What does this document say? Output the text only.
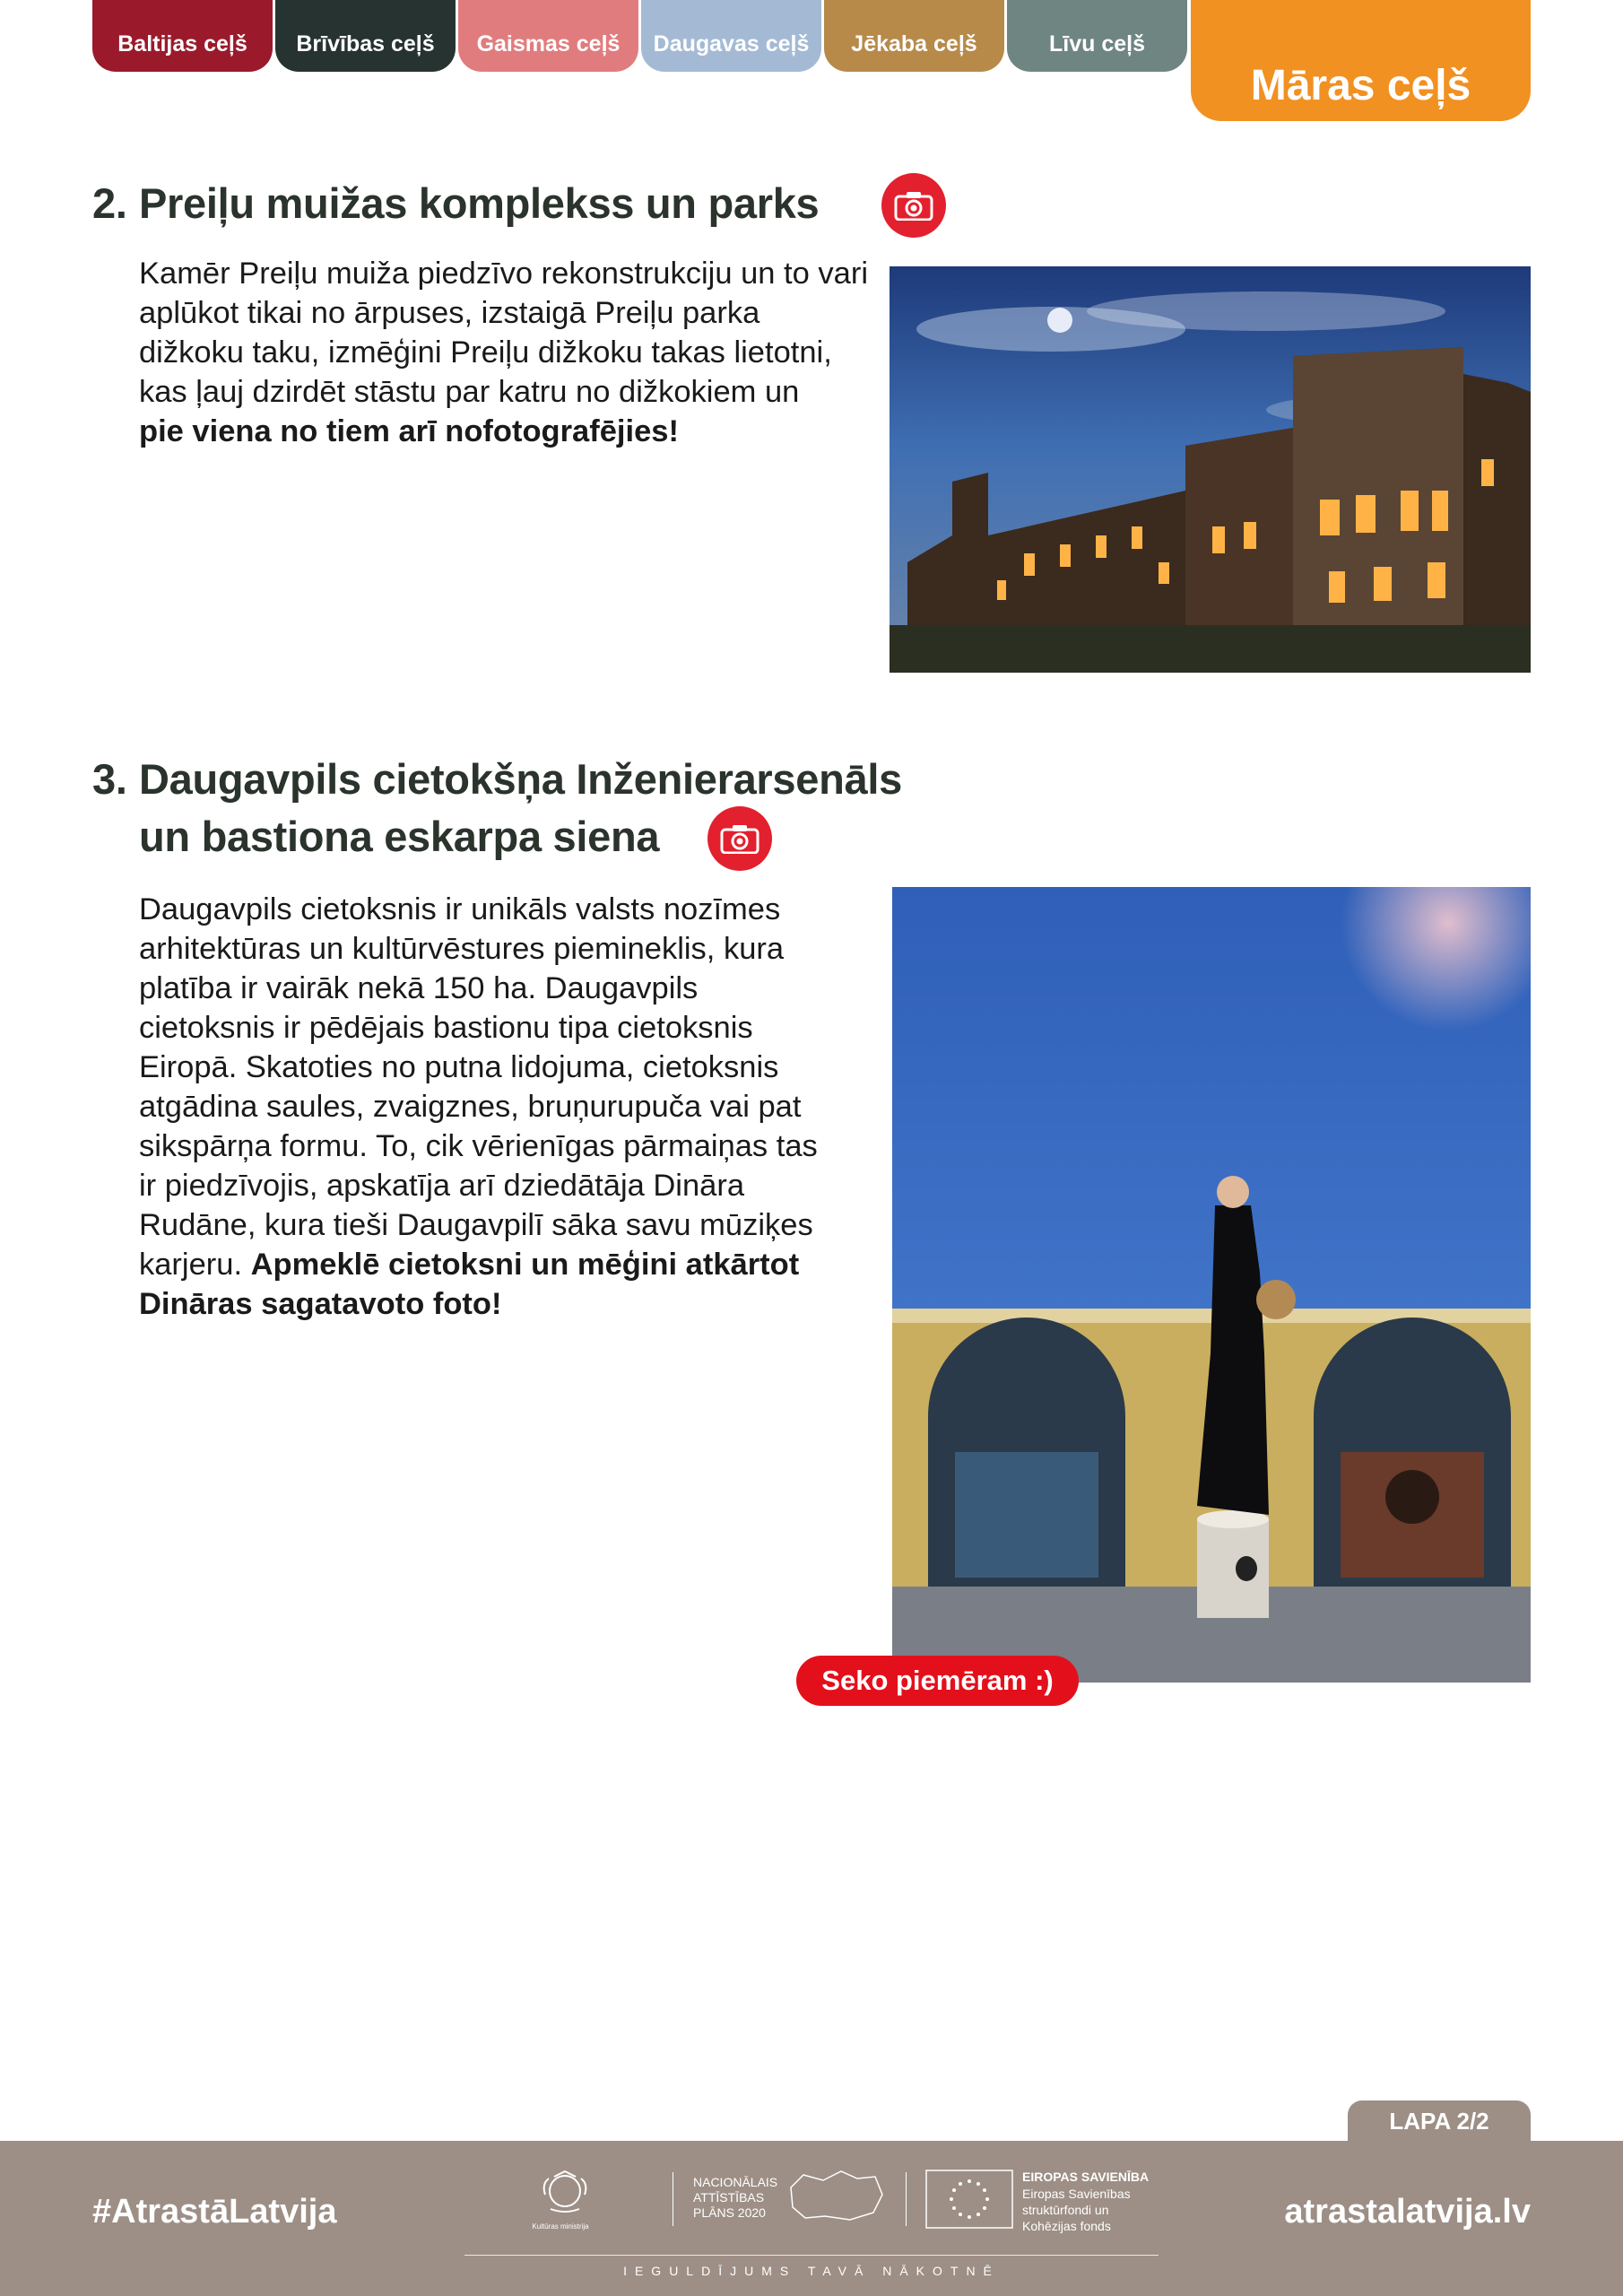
Baltijas ceļš Brīvības ceļš Gaismas ceļš Daugavas ceļš Jēkaba ceļš	Līvu ceļš
Māras ceļš
2. Preiļu muižas komplekss un parks

Kamēr Preiļu muiža piedzīvo rekonstrukciju un to vari aplūkot tikai no ārpuses, izstaigā Preiļu parka dižkoku taku, izmēģini Preiļu dižkoku takas lietotni, kas ļauj dzirdēt stāstu par katru no dižkokiem un
pie viena no tiem arī nofotografējies!

3. Daugavpils cietokšņa Inženierarsenāls
un bastiona eskarpa siena

Daugavpils cietoksnis ir unikāls valsts nozīmes arhitektūras un kultūrvēstures piemineklis, kura platība ir vairāk nekā 150 ha. Daugavpils cietoksnis ir pēdējais bastionu tipa cietoksnis Eiropā. Skatoties no putna lidojuma, cietoksnis atgādina saules, zvaigznes, bruņurupuča vai pat sikspārņa formu. To, cik vērienīgas pārmaiņas tas ir piedzīvojis, apskatīja arī dziedātāja Dināra Rudāne, kura tieši Daugavpilī sāka savu mūziķes karjeru. Apmeklē cietoksni un mēģini atkārtot Dināras sagatavoto foto!

Seko piemēram :)
LAPA 2/2
#AtrastāLatvija	Kultūras ministrija
NACIONĀLAIS
ATTĪSTĪBAS
PLĀNS 2020
EIROPAS SAVIENĪBA
Eiropas Savienības
struktūrfondi un
Kohēzijas fonds
IEGULDĪJUMS TAVĀ NĀKOTNĒ
atrastalatvija.lv
